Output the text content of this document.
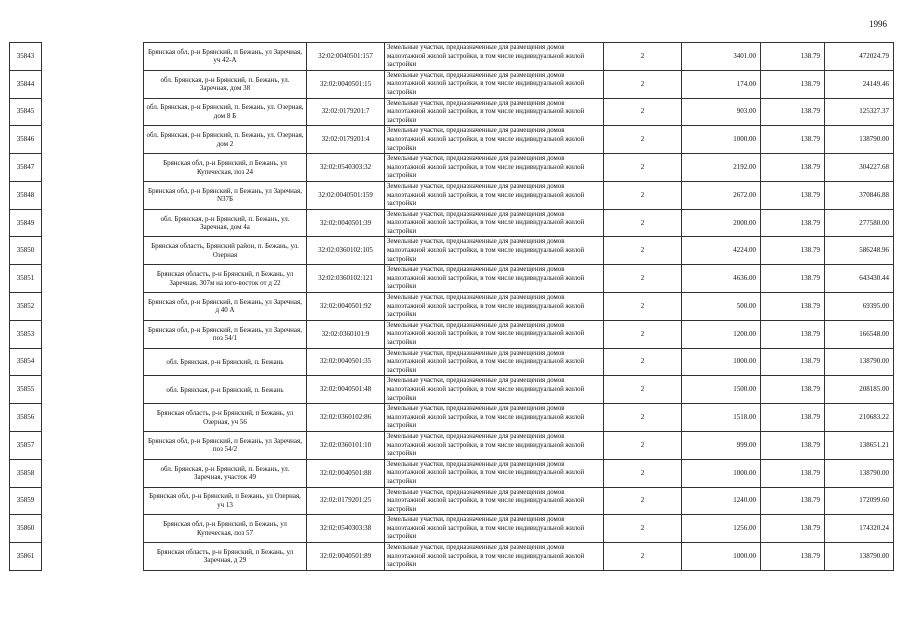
1996
35843		Брянская обл, р-н Брянский, п Бежань, ул Заречная, уч 42-А	32:02:0040501:157	Земельные участки, предназначенные для размещения домов малоэтажной жилой застройки, в том числе индивидуальной жилой застройки	2	3401.00	138.79	472024.79
35844		обл. Брянская, р-н Брянский, п. Бежань, ул. Заречная, дом 38	32:02:0040501:15	Земельные участки, предназначенные для размещения домов малоэтажной жилой застройки, в том числе индивидуальной жилой застройки	2	174.00	138.79	24149.46
35845		обл. Брянская, р-н Брянский, п. Бежань, ул. Озерная, дом 8 Б	32:02:0179201:7	Земельные участки, предназначенные для размещения домов малоэтажной жилой застройки, в том числе индивидуальной жилой застройки	2	903.00	138.79	125327.37
35846		обл. Брянская, р-н Брянский, п. Бежань, ул. Озерная, дом 2	32:02:0179201:4	Земельные участки, предназначенные для размещения домов малоэтажной жилой застройки, в том числе индивидуальной жилой застройки	2	1000.00	138.79	138790.00
35847		Брянская обл, р-н Брянский, п Бежань, ул Купеческая, поз 24	32:02:0540303:32	Земельные участки, предназначенные для размещения домов малоэтажной жилой застройки, в том числе индивидуальной жилой застройки	2	2192.00	138.79	304227.68
35848		Брянская обл, р-н Брянский, п Бежань, ул Заречная, N37Б	32:02:0040501:159	Земельные участки, предназначенные для размещения домов малоэтажной жилой застройки, в том числе индивидуальной жилой застройки	2	2672.00	138.79	370846.88
35849		обл. Брянская, р-н Брянский, п. Бежань, ул. Заречная, дом 4а	32:02:0040501:39	Земельные участки, предназначенные для размещения домов малоэтажной жилой застройки, в том числе индивидуальной жилой застройки	2	2000.00	138.79	277580.00
35850		Брянская область, Брянский район, п. Бежань, ул. Озерная	32:02:0360102:105	Земельные участки, предназначенные для размещения домов малоэтажной жилой застройки, в том числе индивидуальной жилой застройки	2	4224.00	138.79	586248.96
35851		Брянская область, р-н Брянский, п Бежань, ул Заречная, 307м на юго-восток от д 22	32:02:0360102:121	Земельные участки, предназначенные для размещения домов малоэтажной жилой застройки, в том числе индивидуальной жилой застройки	2	4636.00	138.79	643430.44
35852		Брянская обл, р-н Брянский, п Бежань, ул Заречная, д 40 А	32:02:0040501:92	Земельные участки, предназначенные для размещения домов малоэтажной жилой застройки, в том числе индивидуальной жилой застройки	2	500.00	138.79	69395.00
35853		Брянская обл, р-н Брянский, п Бежань, ул Заречная, поз 54/1	32:02:0360101:9	Земельные участки, предназначенные для размещения домов малоэтажной жилой застройки, в том числе индивидуальной жилой застройки	2	1200.00	138.79	166548.00
35854		обл. Брянская, р-н Брянский, п. Бежань	32:02:0040501:35	Земельные участки, предназначенные для размещения домов малоэтажной жилой застройки, в том числе индивидуальной жилой застройки	2	1000.00	138.79	138790.00
35855		обл. Брянская, р-н Брянский, п. Бежань	32:02:0040501:48	Земельные участки, предназначенные для размещения домов малоэтажной жилой застройки, в том числе индивидуальной жилой застройки	2	1500.00	138.79	208185.00
35856		Брянская область, р-н Брянский, п Бежань, ул Озерная, уч 56	32:02:0360102:86	Земельные участки, предназначенные для размещения домов малоэтажной жилой застройки, в том числе индивидуальной жилой застройки	2	1518.00	138.79	210683.22
35857		Брянская обл, р-н Брянский, п Бежань, ул Заречная, поз 54/2	32:02:0360101:10	Земельные участки, предназначенные для размещения домов малоэтажной жилой застройки, в том числе индивидуальной жилой застройки	2	999.00	138.79	138651.21
35858		обл. Брянская, р-н Брянский, п. Бежань, ул. Заречная, участок 49	32:02:0040501:88	Земельные участки, предназначенные для размещения домов малоэтажной жилой застройки, в том числе индивидуальной жилой застройки	2	1000.00	138.79	138790.00
35859		Брянская обл, р-н Брянский, п Бежань, ул Озерная, уч 13	32:02:0179201:25	Земельные участки, предназначенные для размещения домов малоэтажной жилой застройки, в том числе индивидуальной жилой застройки	2	1240.00	138.79	172099.60
35860		Брянская обл, р-н Брянский, п Бежань, ул Купеческая, поз 57	32:02:0540303:38	Земельные участки, предназначенные для размещения домов малоэтажной жилой застройки, в том числе индивидуальной жилой застройки	2	1256.00	138.79	174320.24
35861		Брянская область, р-н Брянский, п Бежань, ул Заречная, д 29	32:02:0040501:89	Земельные участки, предназначенные для размещения домов малоэтажной жилой застройки, в том числе индивидуальной жилой застройки	2	1000.00	138.79	138790.00
